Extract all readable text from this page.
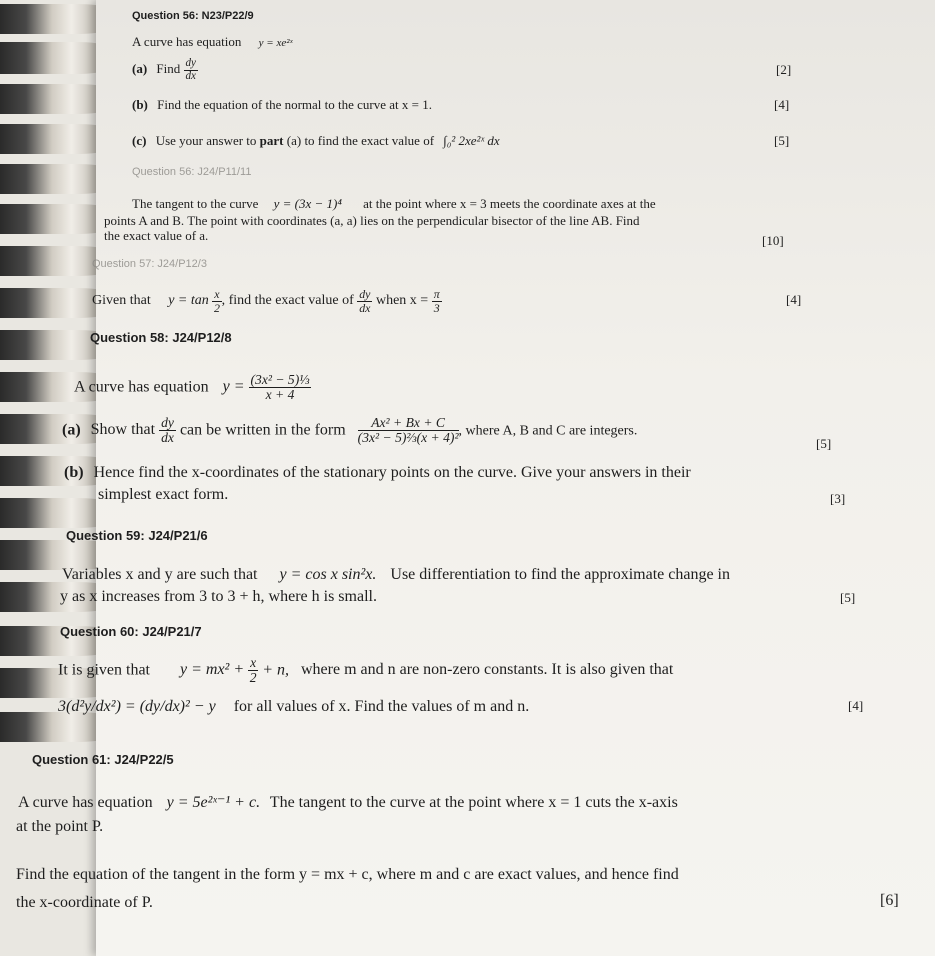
Question 56: N23/P22/9
A curve has equation y = xe²ˣ
(a) Find $\frac{dy}{dx}$	[2]
(b) Find the equation of the normal to the curve at x = 1.	[4]
(c) Use your answer to part (a) to find the exact value of ∫₀² 2xe²ˣ dx	[5]
Question 56: J24/P11/11
The tangent to the curve y = (3x − 1)⁴ at the point where x = 3 meets the coordinate axes at the
points A and B. The point with coordinates (a, a) lies on the perpendicular bisector of the line AB. Find
the exact value of a.	[10]
Question 57: J24/P12/3
Given that $y = \tan \frac{x}{2}$ , find the exact value of $\frac{dy}{dx}$ when $x = \frac{\pi}{3}$	[4]
Question 58: J24/P12/8
A curve has equation $y = \frac{\text{(3x² − 5)⅓}}{x + 4}$
(a) Show that $\frac{dy}{dx}$ can be written in the form $\frac{\text{Ax² + Bx + C}}{\text{(3x² − 5)⅔(x + 4)²}}$ , where A, B and C are integers.
[5]
(b) Hence find the x-coordinates of the stationary points on the curve. Give your answers in their
simplest exact form.	[3]
Question 59: J24/P21/6
Variables x and y are such that y = cos x sin²x. Use differentiation to find the approximate change in
y as x increases from 3 to 3 + h, where h is small.	[5]
Question 60: J24/P21/7
It is given that $y = mx^2 + \frac{x}{2} + n$, where m and n are non-zero constants. It is also given that
3(d²y/dx²) = (dy/dx)² − y for all values of x. Find the values of m and n.	[4]
Question 61: J24/P22/5
A curve has equation y = 5e²ˣ⁻¹ + c. The tangent to the curve at the point where x = 1 cuts the x-axis
at the point P.
Find the equation of the tangent in the form y = mx + c, where m and c are exact values, and hence find
the x-coordinate of P.	[6]
